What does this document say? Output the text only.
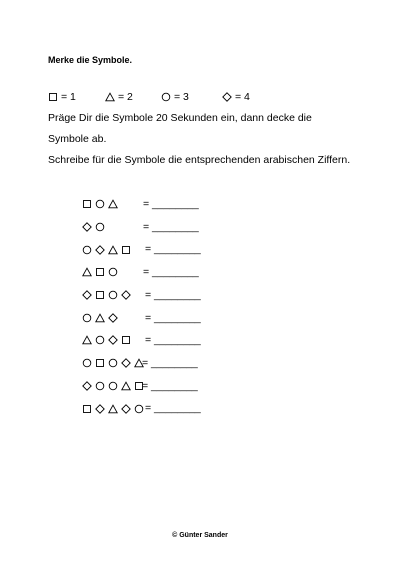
Merke die Symbole.
= 1	= 2	= 3	= 4
Präge Dir die Symbole 20 Sekunden ein, dann decke die
Symbole ab.
Schreibe für die Symbole die entsprechenden arabischen Ziffern.
= ________
= ________
= ________
= ________
= ________
= ________
= ________
= ________
= ________
= ________
© Günter Sander
